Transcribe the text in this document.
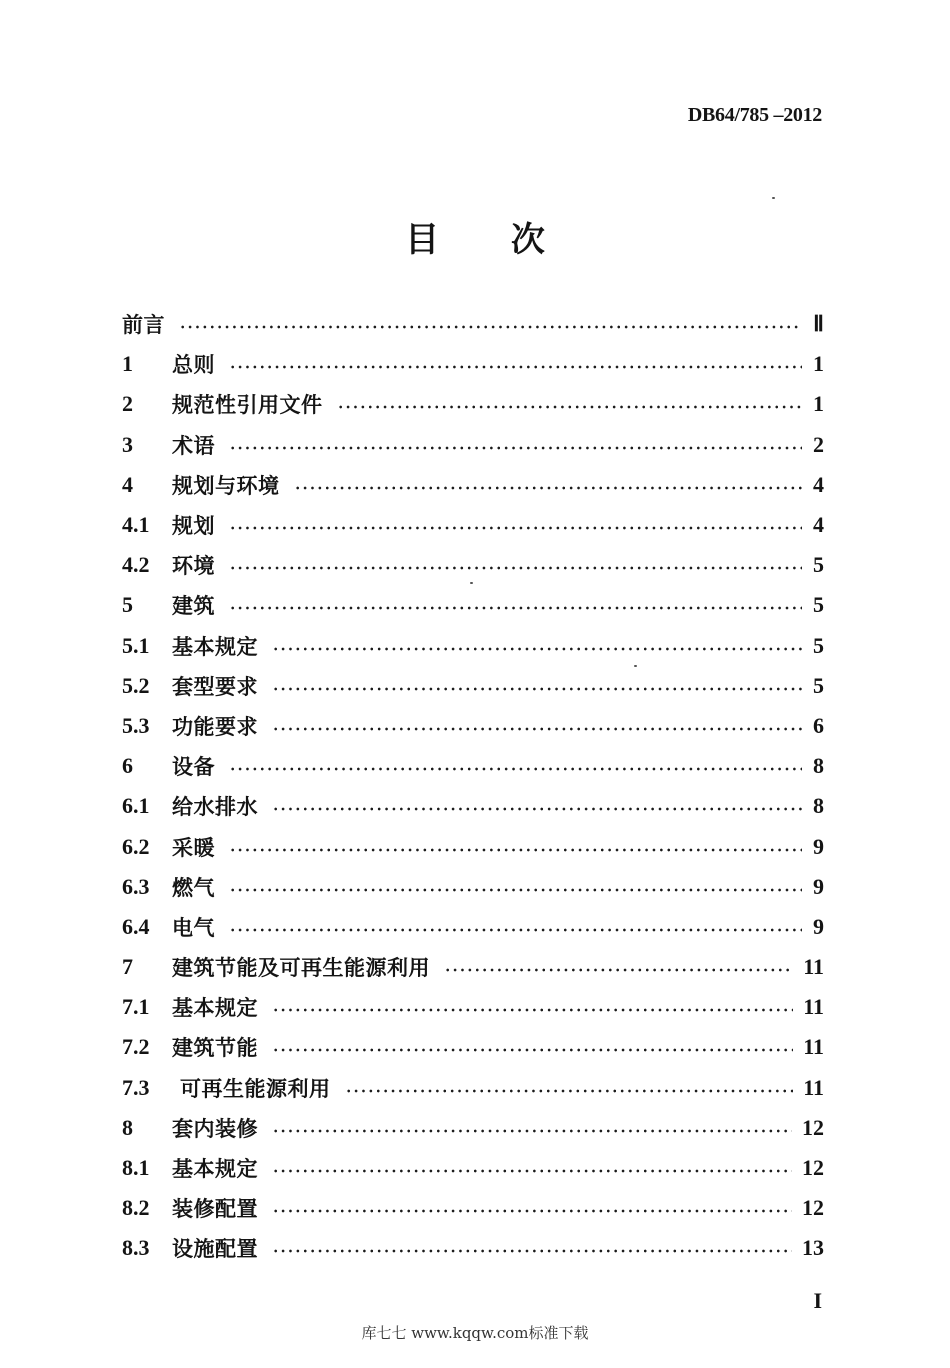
DB64/785 –2012
目 次
前言	Ⅱ
1	总则	1
2	规范性引用文件	1
3	术语	2
4	规划与环境	4
4.1	规划	4
4.2	环境	5
5	建筑	5
5.1	基本规定	5
5.2	套型要求	5
5.3	功能要求	6
6	设备	8
6.1	给水排水	8
6.2	采暖	9
6.3	燃气	9
6.4	电气	9
7	建筑节能及可再生能源利用	11
7.1	基本规定	11
7.2	建筑节能	11
7.3	可再生能源利用	11
8	套内装修	12
8.1	基本规定	12
8.2	装修配置	12
8.3	设施配置	13
I
库七七 www.kqqw.com标准下载
